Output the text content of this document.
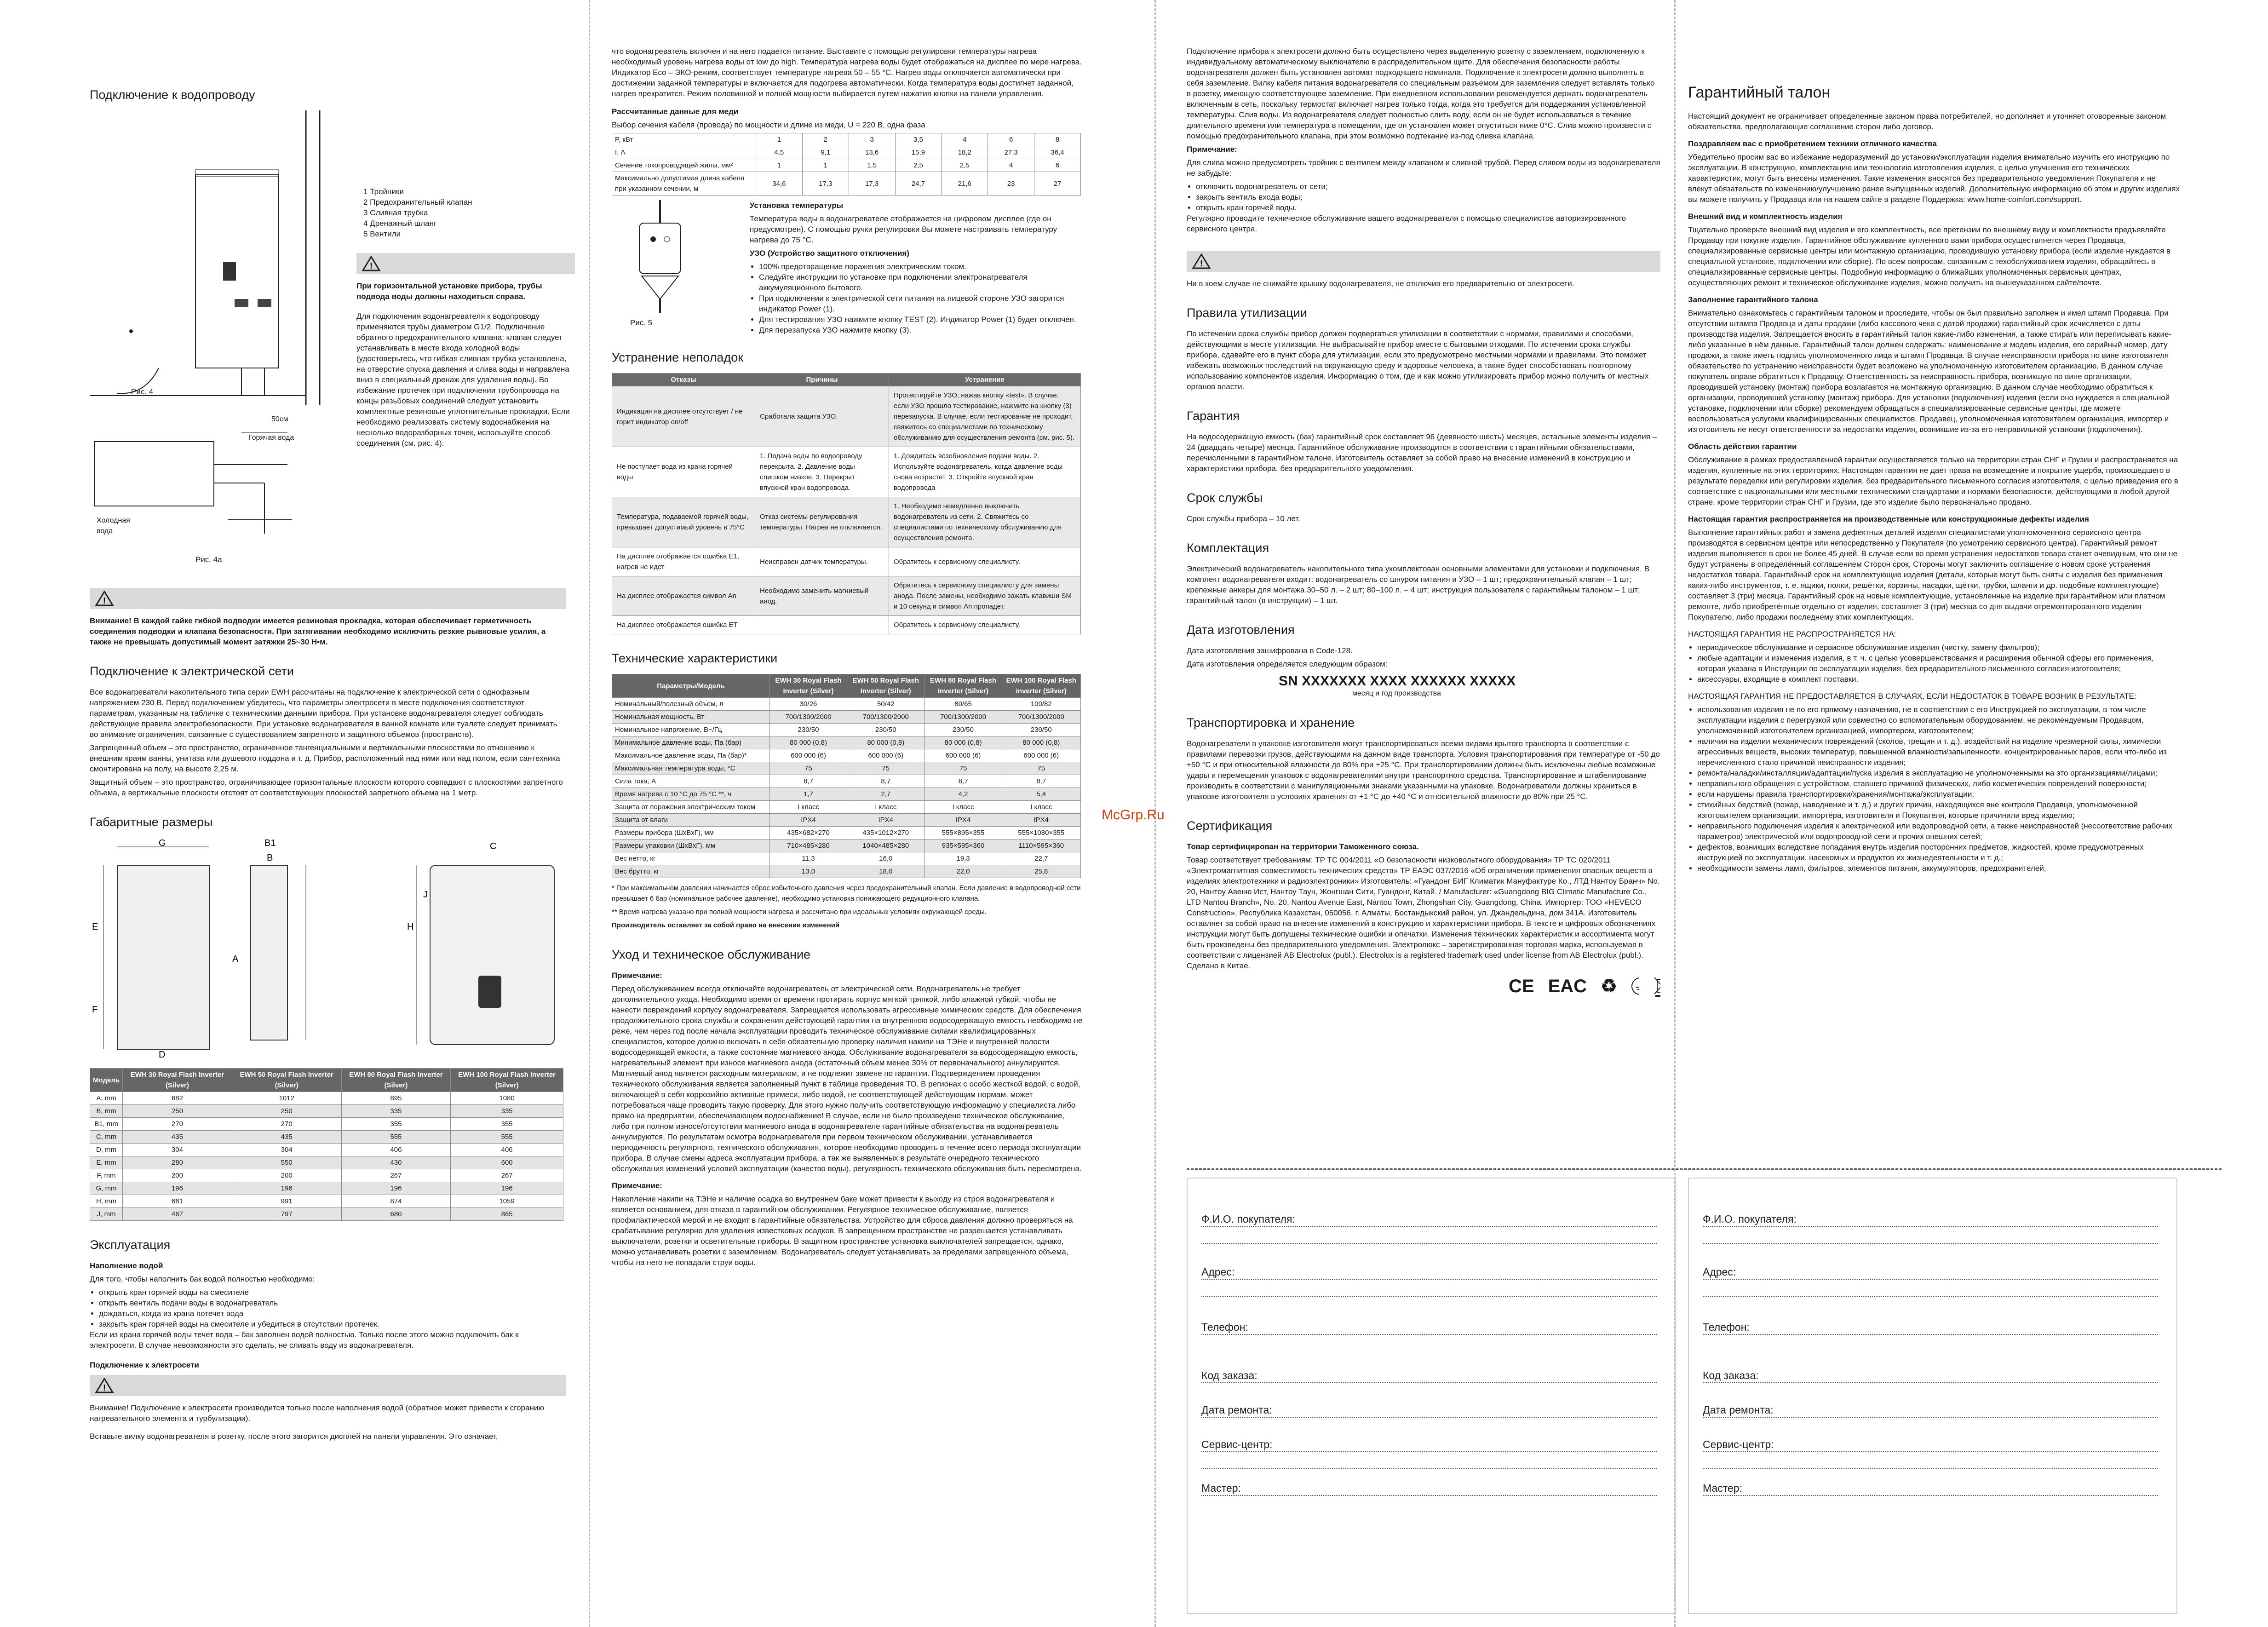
Подключение к водопроводу
Рис. 4
1 Тройники
2 Предохранительный клапан
3 Сливная трубка
4 Дренажный шланг
5 Вентили
!

При горизонтальной установке прибора, трубы подвода воды должны находиться справа.

Для подключения водонагревателя к водопроводу применяются трубы диаметром G1/2. Подключение обратного предохранительного клапана: клапан следует устанавливать в месте входа холодной воды (удостоверьтесь, что гибкая сливная трубка установлена, на отверстие спуска давления и слива воды и направлена вниз в специальный дренаж для удаления воды). Во избежание протечек при подключении трубопровода на концы резьбовых соединений следует установить комплектные резиновые уплотнительные прокладки. Если необходимо реализовать систему водоснабжения на несколько водоразборных точек, используйте способ соединения (см. рис. 4).

50см
Горячая вода
Холодная вода
Рис. 4а
!

Внимание! В каждой гайке гибкой подводки имеется резиновая прокладка, которая обеспечивает герметичность соединения подводки и клапана безопасности. При затягивании необходимо исключить резкие рывковые усилия, а также не превышать допустимый момент затяжки 25~30 Н•м.

Подключение к электрической сети

Все водонагреватели накопительного типа серии EWH рассчитаны на подключение к электрической сети с однофазным напряжением 230 В. Перед подключением убедитесь, что параметры электросети в месте подключения соответствуют параметрам, указанным на табличке с техническими данными прибора. При установке водонагревателя следует соблюдать действующие правила электробезопасности. При установке водонагревателя в ванной комнате или туалете следует принимать во внимание ограничения, связанные с существованием запретного и защитного объемов (пространств).

Запрещенный объем – это пространство, ограниченное тангенциальными и вертикальными плоскостями по отношению к внешним краям ванны, унитаза или душевого поддона и т. д. Прибор, расположенный над ними или над полом, если сантехника смонтирована на полу, на высоте 2,25 м.

Защитный объем – это пространство, ограничивающее горизонтальные плоскости которого совпадают с плоскостями запретного объема, а вертикальные плоскости отстоят от соответствующих плоскостей запретного объема на 1 метр.

Габаритные размеры
G	B1
B
C
E
A
H
J
F
D
Модель	EWH 30 Royal Flash Inverter (Silver)	EWH 50 Royal Flash Inverter (Silver)	EWH 80 Royal Flash Inverter (Silver)	EWH 100 Royal Flash Inverter (Silver)
A, mm	682	1012	895	1080
B, mm	250	250	335	335
B1, mm	270	270	355	355
C, mm	435	435	555	555
D, mm	304	304	406	406
E, mm	280	550	430	600
F, mm	200	200	267	267
G, mm	196	196	196	196
H, mm	661	991	874	1059
J, mm	467	797	680	865
Эксплуатация

Наполнение водой

Для того, чтобы наполнить бак водой полностью необходимо:

• открыть кран горячей воды на смесителе
• открыть вентиль подачи воды в водонагреватель
• дождаться, когда из крана потечет вода
• закрыть кран горячей воды на смесителе и убедиться в отсутствии протечек.

Если из крана горячей воды течет вода – бак заполнен водой полностью. Только после этого можно подключить бак к электросети. В случае невозможности это сделать, не сливать воду из водонагревателя.

Подключение к электросети

!

Внимание! Подключение к электросети производится только после наполнения водой (обратное может привести к сгоранию нагревательного элемента и турбулизации).

Вставьте вилку водонагревателя в розетку, после этого загорится дисплей на панели управления. Это означает,

что водонагреватель включен и на него подается питание. Выставите с помощью регулировки температуры нагрева необходимый уровень нагрева воды от low до high. Температура нагрева воды будет отображаться на дисплее по мере нагрева. Индикатор Eco – ЭКО-режим, соответствует температуре нагрева 50 – 55 °С. Нагрев воды отключается автоматически при достижении заданной температуры и включается для подогрева автоматически. Когда температура воды достигнет заданной, нагрев прекратится. Режим половинной и полной мощности выбирается путем нажатия кнопки на панели управления.

Рассчитанные данные для меди

Выбор сечения кабеля (провода) по мощности и длине из меди, U = 220 В, одна фаза

P, кВт	1	2	3	3,5	4	6	8
I, А	4,5	9,1	13,6	15,9	18,2	27,3	36,4
Сечение токопроводящей жилы, мм²	1	1	1,5	2,5	2,5	4	6
Максимально допустимая длина кабеля при указанном сечении, м	34,6	17,3	17,3	24,7	21,6	23	27
Рис. 5

Установка температуры

Температура воды в водонагревателе отображается на цифровом дисплее (где он предусмотрен). С помощью ручки регулировки Вы можете настраивать температуру нагрева до 75 °С.

УЗО (Устройство защитного отключения)

• 100% предотвращение поражения электрическим током.
• Следуйте инструкции по установке при подключении электронагревателя аккумуляционного бытового.
• При подключении к электрической сети питания на лицевой стороне УЗО загорится индикатор Power (1).
• Для тестирования УЗО нажмите кнопку TEST (2). Индикатор Power (1) будет отключен.
• Для перезапуска УЗО нажмите кнопку (3).
Устранение неполадок
Отказы	Причины	Устранение
Индикация на дисплее отсутствует / не горит индикатор on/off	Сработала защита УЗО.	Протестируйте УЗО, нажав кнопку «test». В случае, если УЗО прошло тестирование, нажмите на кнопку (3) перезапуска. В случае, если тестирование не проходит, свяжитесь со специалистами по техническому обслуживанию для осуществления ремонта (см. рис. 5).
Не поступает вода из крана горячей воды	1. Подача воды по водопроводу перекрыта. 2. Давление воды слишком низкое. 3. Перекрыт впускной кран водопровода.	1. Дождитесь возобновления подачи воды. 2. Используйте водонагреватель, когда давление воды снова возрастет. 3. Откройте впускной кран водопровода
Температура, подаваемой горячей воды, превышает допустимый уровень в 75°С	Отказ системы регулирования температуры. Нагрев не отключается.	1. Необходимо немедленно выключить водонагреватель из сети. 2. Свяжитесь со специалистами по техническому обслуживанию для осуществления ремонта.
На дисплее отображается ошибка E1, нагрев не идет	Неисправен датчик температуры.	Обратитесь к сервисному специалисту.
На дисплее отображается символ An	Необходимо заменить магниевый анод.	Обратитесь к сервисному специалисту для замены анода. После замены, необходимо зажать клавиши SM и 10 секунд и символ An пропадет.
На дисплее отображается ошибка ET		Обратитесь к сервисному специалисту.
Технические характеристики
Параметры/Модель	EWH 30 Royal Flash Inverter (Silver)	EWH 50 Royal Flash Inverter (Silver)	EWH 80 Royal Flash Inverter (Silver)	EWH 100 Royal Flash Inverter (Silver)
Номинальный/полезный объем, л	30/26	50/42	80/65	100/82
Номинальная мощность, Вт	700/1300/2000	700/1300/2000	700/1300/2000	700/1300/2000
Номинальное напряжение, В~/Гц	230/50	230/50	230/50	230/50
Минимальное давление воды, Па (бар)	80 000 (0,8)	80 000 (0,8)	80 000 (0,8)	80 000 (0,8)
Максимальное давление воды, Па (бар)*	600 000 (6)	600 000 (6)	600 000 (6)	600 000 (6)
Максимальная температура воды, °С	75	75	75	75
Сила тока, А	8,7	8,7	8,7	8,7
Время нагрева с 10 °С до 75 °С **, ч	1,7	2,7	4,2	5,4
Защита от поражения электрическим током	I класс	I класс	I класс	I класс
Защита от влаги	IPX4	IPX4	IPX4	IPX4
Размеры прибора (ШxВxГ), мм	435×682×270	435×1012×270	555×895×355	555×1080×355
Размеры упаковки (ШxВxГ), мм	710×485×280	1040×485×280	935×595×360	1110×595×360
Вес нетто, кг	11,3	16,0	19,3	22,7
Вес брутто, кг	13,0	18,0	22,0	25,8

* При максимальном давлении начинается сброс избыточного давления через предохранительный клапан. Если давление в водопроводной сети превышает 6 бар (номинальное рабочее давление), необходимо установка понижающего редукционного клапана.

** Время нагрева указано при полной мощности нагрева и рассчитано при идеальных условиях окружающей среды.

Производитель оставляет за собой право на внесение изменений

Уход и техническое обслуживание

Примечание:

Перед обслуживанием всегда отключайте водонагреватель от электрической сети. Водонагреватель не требует дополнительного ухода. Необходимо время от времени протирать корпус мягкой тряпкой, либо влажной губкой, чтобы не нанести повреждений корпусу водонагревателя. Запрещается использовать агрессивные химических средств. Для обеспечения продолжительного срока службы и сохранения действующей гарантии на внутреннюю водосодержащую емкость необходимо не реже, чем через год после начала эксплуатации проводить техническое обслуживание силами квалифицированных специалистов, которое должно включать в себя обязательную проверку наличия накипи на ТЭНе и внутренней полости водосодержащей емкости, а также состояние магниевого анода. Обслуживание водонагревателя за водосодержащую емкость, нагревательный элемент при износе магниевого анода (остаточный объем менее 30% от первоначального) аннулируются. Магниевый анод является расходным материалом, и не подлежит замене по гарантии. Подтверждением проведения технического обслуживания является заполненный пункт в таблице проведения ТО. В регионах с особо жесткой водой, с водой, включающей в себя коррозийно активные примеси, либо водой, не соответствующей действующим нормам, может потребоваться чаще проводить такую проверку. Для этого нужно получить соответствующую информацию у специалиста либо прямо на предприятии, обеспечивающем водоснабжение! В случае, если не было произведено техническое обслуживание, либо при полном износе/отсутствии магниевого анода в водонагревателе гарантийные обязательства на водонагреватель аннулируются. По результатам осмотра водонагревателя при первом техническом обслуживании, устанавливается периодичность регулярного, технического обслуживания, которое необходимо проводить в течение всего периода эксплуатации прибора. В случае смены адреса эксплуатации прибора, а так же выявленных в результате очередного технического обслуживания изменений условий эксплуатации (качество воды), регулярность технического обслуживания быть пересмотрена.

Примечание:

Накопление накипи на ТЭНе и наличие осадка во внутреннем баке может привести к выходу из строя водонагревателя и является основанием, для отказа в гарантийном обслуживании. Регулярное техническое обслуживание, является профилактической мерой и не входит в гарантийные обязательства. Устройство для сброса давления должно проверяться на срабатывание регулярно для удаления известковых осадков. В запрещенном пространстве не разрешается устанавливать выключатели, розетки и осветительные приборы. В защитном пространстве установка выключателей запрещается, однако, можно устанавливать розетки с заземлением. Водонагреватель следует устанавливать за пределами запрещенного объема, чтобы на него не попадали струи воды.

Подключение прибора к электросети должно быть осуществлено через выделенную розетку с заземлением, подключенную к индивидуальному автоматическому выключателю в распределительном щите. Для обеспечения безопасности работы водонагревателя должен быть установлен автомат подходящего номинала. Подключение к электросети должно выполнять в себя заземление. Вилку кабеля питания водонагревателя со специальным разъемом для заземления следует вставлять только в розетку, имеющую соответствующее заземление. При ежедневном использовании рекомендуется держать водонагреватель включенным в сеть, поскольку термостат включает нагрев только тогда, когда это требуется для поддержания установленной температуры. Слив воды. Из водонагревателя следует полностью слить воду, если он не будет использоваться в течение длительного времени или температура в помещении, где он установлен может опуститься ниже 0°С. Слив можно произвести с помощью предохранительного клапана, при этом возможно подтекание из-под сливка клапана.

Примечание:

Для слива можно предусмотреть тройник с вентилем между клапаном и сливной трубой. Перед сливом воды из водонагревателя не забудьте:

• отключить водонагреватель от сети;
• закрыть вентиль входа воды;
• открыть кран горячей воды.

Регулярно проводите техническое обслуживание вашего водонагревателя с помощью специалистов авторизированного сервисного центра.

!

Ни в коем случае не снимайте крышку водонагревателя, не отключив его предварительно от электросети.

Правила утилизации

По истечении срока службы прибор должен подвергаться утилизации в соответствии с нормами, правилами и способами, действующими в месте утилизации. Не выбрасывайте прибор вместе с бытовыми отходами. По истечении срока службы прибора, сдавайте его в пункт сбора для утилизации, если это предусмотрено местными нормами и правилами. Это поможет избежать возможных последствий на окружающую среду и здоровье человека, а также будет способствовать повторному использованию компонентов изделия. Информацию о том, где и как можно утилизировать прибор можно получить от местных органов власти.

Гарантия

На водосодержащую емкость (бак) гарантийный срок составляет 96 (девяносто шесть) месяцев, остальные элементы изделия – 24 (двадцать четыре) месяца. Гарантийное обслуживание производится в соответствии с гарантийными обязательствами, перечисленными в гарантийном талоне. Изготовитель оставляет за собой право на внесение изменений в конструкцию и характеристики прибора, без предварительного уведомления.

Срок службы

Срок службы прибора – 10 лет.

Комплектация

Электрический водонагреватель накопительного типа укомплектован основными элементами для установки и подключения. В комплект водонагревателя входит: водонагреватель со шнуром питания и УЗО – 1 шт; предохранительный клапан – 1 шт; крепежные анкеры для монтажа 30–50 л. – 2 шт; 80–100 л. – 4 шт; инструкция пользователя с гарантийным талоном – 1 шт; гарантийный талон (в инструкции) – 1 шт.

Дата изготовления

Дата изготовления зашифрована в Code-128.

Дата изготовления определяется следующим образом:

SN XXXXXXX XXXX XXXXXX XXXXX
месяц и год производства
Транспортировка и хранение

Водонагреватели в упаковке изготовителя могут транспортироваться всеми видами крытого транспорта в соответствии с правилами перевозки грузов, действующими на данном виде транспорта. Условия транспортирования при температуре от -50 до +50 °С и при относительной влажности до 80% при +25 °С. При транспортировании должны быть исключены любые возможные удары и перемещения упаковок с водонагревателями внутри транспортного средства. Транспортирование и штабелирование производить в соответствии с манипуляционными знаками указанными на упаковке. Водонагреватели должны храниться в упаковке изготовителя в условиях хранения от +1 °С до +40 °С и относительной влажности до 80% при 25 °С.

Сертификация

Товар сертифицирован на территории Таможенного союза.

Товар соответствует требованиям: ТР ТС 004/2011 «О безопасности низковольтного оборудования» ТР ТС 020/2011 «Электромагнитная совместимость технических средств» ТР ЕАЭС 037/2016 «Об ограничении применения опасных веществ в изделиях электротехники и радиоэлектроники» Изготовитель: «Гуандонг БИГ Климатик Мануфактуре Ко., ЛТД Нантоу Бранч» No. 20, Нантоу Авеню Ист, Нантоу Таун, Жонгшан Сити, Гуандонг, Китай. / Manufacturer: «Guangdong BIG Climatic Manufacture Co., LTD Nantou Branch», No. 20, Nantou Avenue East, Nantou Town, Zhongshan City, Guangdong, China. Импортер: ТОО «HEVECO Construction», Республика Казахстан, 050056, г. Алматы, Бостандыкский район, ул. Джандельдина, дом 341А. Изготовитель оставляет за собой право на внесение изменений в конструкцию и характеристики прибора. В тексте и цифровых обозначениях инструкции могут быть допущены технические ошибки и опечатки. Изменения технических характеристик и ассортимента могут быть произведены без предварительного уведомления. Электролюкс – зарегистрированная торговая марка, используемая в соответствии с лицензией AB Electrolux (publ.). Electrolux is a registered trademark used under license from AB Electrolux (publ.). Сделано в Китае.

CE EAC ♻
Гарантийный талон

Настоящий документ не ограничивает определенные законом права потребителей, но дополняет и уточняет оговоренные законом обязательства, предполагающие соглашение сторон либо договор.

Поздравляем вас с приобретением техники отличного качества

Убедительно просим вас во избежание недоразумений до установки/эксплуатации изделия внимательно изучить его инструкцию по эксплуатации. В конструкцию, комплектацию или технологию изготовления изделия, с целью улучшения его технических характеристик, могут быть внесены изменения. Такие изменения вносятся без предварительного уведомления Покупателя и не влекут обязательств по изменению/улучшению ранее выпущенных изделий. Дополнительную информацию об этом и других изделиях вы можете получить у Продавца или на нашем сайте в разделе Поддержка: www.home-comfort.com/support.

Внешний вид и комплектность изделия

Тщательно проверьте внешний вид изделия и его комплектность, все претензии по внешнему виду и комплектности предъявляйте Продавцу при покупке изделия. Гарантийное обслуживание купленного вами прибора осуществляется через Продавца, специализированные сервисные центры или монтажную организацию, проводившую установку прибора (если изделие нуждается в специальной установке, подключении или сборке). По всем вопросам, связанным с техобслуживанием изделия, обращайтесь в специализированные сервисные центры. Подробную информацию о ближайших уполномоченных сервисных центрах, осуществляющих ремонт и техническое обслуживание изделия, можно получить на вышеуказанном сайте/почте.

Заполнение гарантийного талона

Внимательно ознакомьтесь с гарантийным талоном и проследите, чтобы он был правильно заполнен и имел штамп Продавца. При отсутствии штампа Продавца и даты продажи (либо кассового чека с датой продажи) гарантийный срок исчисляется с даты производства изделия. Запрещается вносить в гарантийный талон какие-либо изменения, а также стирать или переписывать какие-либо указанные в нём данные. Гарантийный талон должен содержать: наименование и модель изделия, его серийный номер, дату продажи, а также иметь подпись уполномоченного лица и штамп Продавца. В случае неисправности прибора по вине изготовителя обязательство по устранению неисправности будет возложено на уполномоченную изготовителем организацию. В данном случае покупатель вправе обратиться к Продавцу. Ответственность за неисправность прибора, возникшую по вине организации, проводившей установку (монтаж) прибора возлагается на монтажную организацию. В данном случае необходимо обратиться к организации, проводившей установку (монтаж) прибора. Для установки (подключения) изделия (если оно нуждается в специальной установке, подключении или сборке) рекомендуем обращаться в специализированные сервисные центры, где можете воспользоваться услугами квалифицированных специалистов. Продавец, уполномоченная изготовителем организация, импортер и изготовитель не несут ответственности за недостатки изделия, возникшие из-за его неправильной установки (подключения).

Область действия гарантии

Обслуживание в рамках предоставленной гарантии осуществляется только на территории стран СНГ и Грузии и распространяется на изделия, купленные на этих территориях. Настоящая гарантия не дает права на возмещение и покрытие ущерба, произошедшего в результате переделки или регулировки изделия, без предварительного письменного согласия изготовителя, с целью приведения его в соответствие с национальными или местными техническими стандартами и нормами безопасности, действующими в любой другой стране, кроме территории стран СНГ и Грузии, где это изделие было первоначально продано.

Настоящая гарантия распространяется на производственные или конструкционные дефекты изделия

Выполнение гарантийных работ и замена дефектных деталей изделия специалистами уполномоченного сервисного центра производятся в сервисном центре или непосредственно у Покупателя (по усмотрению сервисного центра). Гарантийный ремонт изделия выполняется в срок не более 45 дней. В случае если во время устранения недостатков товара станет очевидным, что они не будут устранены в определённый соглашением Сторон срок, Стороны могут заключить соглашение о новом сроке устранения недостатков товара. Гарантийный срок на комплектующие изделия (детали, которые могут быть сняты с изделия без применения каких-либо инструментов, т. е. ящики, полки, решётки, корзины, насадки, щётки, трубки, шланги и др. подобные комплектующие) составляет 3 (три) месяца. Гарантийный срок на новые комплектующие, установленные на изделие при гарантийном или платном ремонте, либо приобретённые отдельно от изделия, составляет 3 (три) месяца со дня выдачи отремонтированного изделия Покупателю, либо продажи последнему этих комплектующих.

НАСТОЯЩАЯ ГАРАНТИЯ НЕ РАСПРОСТРАНЯЕТСЯ НА:

• периодическое обслуживание и сервисное обслуживание изделия (чистку, замену фильтров);
• любые адаптации и изменения изделия, в т. ч. с целью усовершенствования и расширения обычной сферы его применения, которая указана в Инструкции по эксплуатации изделия, без предварительного письменного согласия изготовителя;
• аксессуары, входящие в комплект поставки.

НАСТОЯЩАЯ ГАРАНТИЯ НЕ ПРЕДОСТАВЛЯЕТСЯ В СЛУЧАЯХ, ЕСЛИ НЕДОСТАТОК В ТОВАРЕ ВОЗНИК В РЕЗУЛЬТАТЕ:

• использования изделия не по его прямому назначению, не в соответствии с его Инструкцией по эксплуатации, в том числе эксплуатации изделия с перегрузкой или совместно со вспомогательным оборудованием, не рекомендуемым Продавцом, уполномоченной изготовителем организацией, импортером, изготовителем;
• наличия на изделии механических повреждений (сколов, трещин и т. д.), воздействий на изделие чрезмерной силы, химически агрессивных веществ, высоких температур, повышенной влажности/запыленности, концентрированных паров, если что-либо из перечисленного стало причиной неисправности изделия;
• ремонта/наладки/инсталляции/адаптации/пуска изделия в эксплуатацию не уполномоченными на это организациями/лицами;
• неправильного обращения с устройством, ставшего причиной физических, либо косметических повреждений поверхности;
• если нарушены правила транспортировки/хранения/монтажа/эксплуатации;
• стихийных бедствий (пожар, наводнение и т. д.) и других причин, находящихся вне контроля Продавца, уполномоченной изготовителем организации, импортёра, изготовителя и Покупателя, которые причинили вред изделию;
• неправильного подключения изделия к электрической или водопроводной сети, а также неисправностей (несоответствие рабочих параметров) электрической или водопроводной сети и прочих внешних сетей;
• дефектов, возникших вследствие попадания внутрь изделия посторонних предметов, жидкостей, кроме предусмотренных инструкцией по эксплуатации, насекомых и продуктов их жизнедеятельности и т. д.;
• необходимости замены ламп, фильтров, элементов питания, аккумуляторов, предохранителей,
Ф.И.О. покупателя:
Адрес:
Телефон:
Код заказа:
Дата ремонта:
Сервис-центр:
Мастер:
Ф.И.О. покупателя:
Адрес:
Телефон:
Код заказа:
Дата ремонта:
Сервис-центр:
Мастер:
McGrp.Ru
